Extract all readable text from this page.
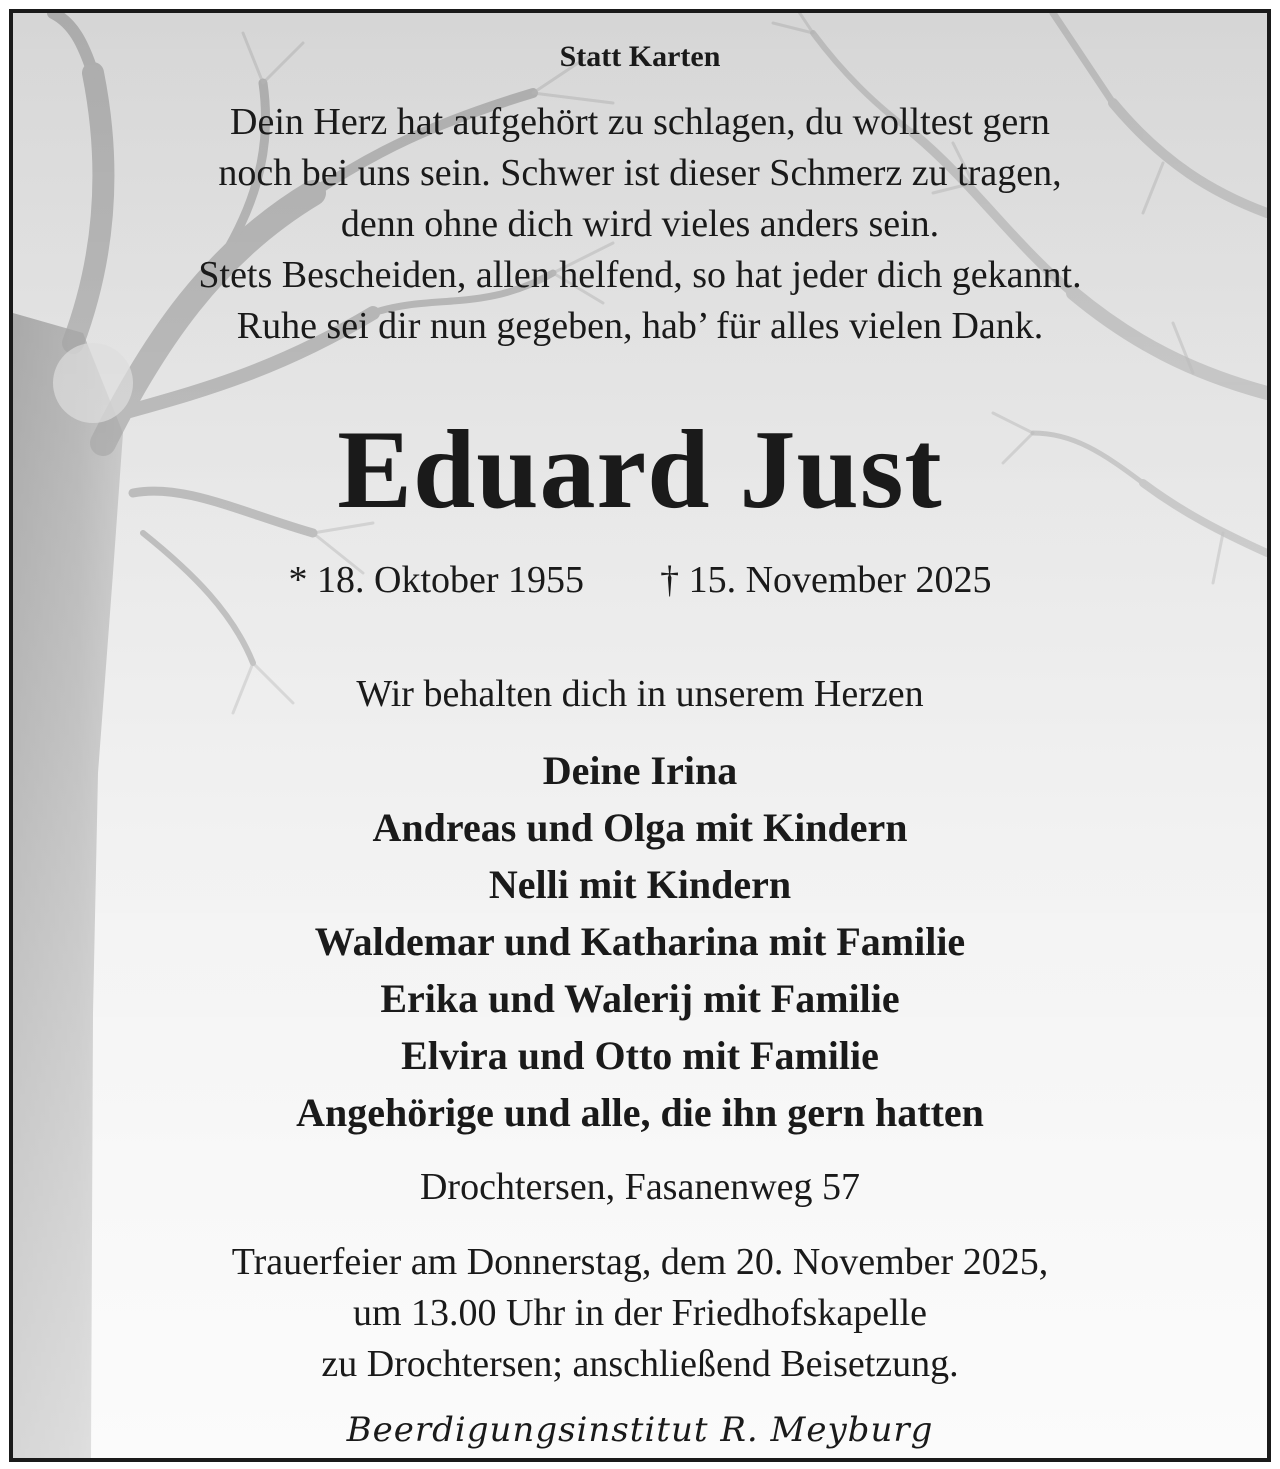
Statt Karten
Dein Herz hat aufgehört zu schlagen, du wolltest gern
noch bei uns sein. Schwer ist dieser Schmerz zu tragen,
denn ohne dich wird vieles anders sein.
Stets Bescheiden, allen helfend, so hat jeder dich gekannt.
Ruhe sei dir nun gegeben, hab’ für alles vielen Dank.
Eduard Just
* 18. Oktober 1955 † 15. November 2025
Wir behalten dich in unserem Herzen
Deine Irina
Andreas und Olga mit Kindern
Nelli mit Kindern
Waldemar und Katharina mit Familie
Erika und Walerij mit Familie
Elvira und Otto mit Familie
Angehörige und alle, die ihn gern hatten
Drochtersen, Fasanenweg 57
Trauerfeier am Donnerstag, dem 20. November 2025,
um 13.00 Uhr in der Friedhofskapelle
zu Drochtersen; anschließend Beisetzung.
Beerdigungsinstitut R. Meyburg
